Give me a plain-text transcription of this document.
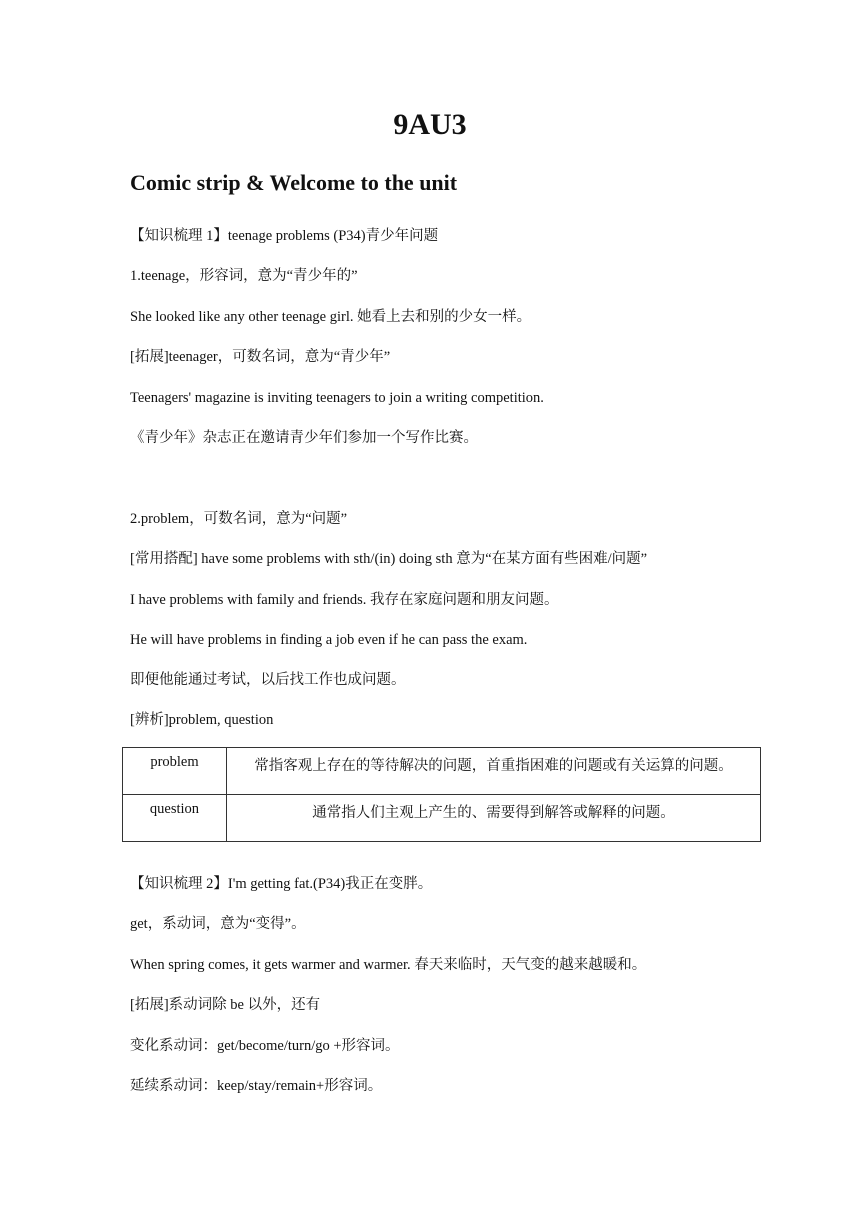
9AU3
Comic strip & Welcome to the unit

【知识梳理 1】teenage problems (P34)青少年问题

1.teenage，形容词，意为“青少年的”

She looked like any other teenage girl. 她看上去和别的少女一样。

[拓展]teenager，可数名词，意为“青少年”

Teenagers' magazine is inviting teenagers to join a writing competition.

《青少年》杂志正在邀请青少年们参加一个写作比赛。

2.problem，可数名词，意为“问题”

[常用搭配] have some problems with sth/(in) doing sth 意为“在某方面有些困难/问题”

I have problems with family and friends. 我存在家庭问题和朋友问题。

He will have problems in finding a job even if he can pass the exam.

即便他能通过考试，以后找工作也成问题。

[辨析]problem, question

problem	常指客观上存在的等待解决的问题，首重指困难的问题或有关运算的问题。
question	通常指人们主观上产生的、需要得到解答或解释的问题。

【知识梳理 2】I'm getting fat.(P34)我正在变胖。

get，系动词，意为“变得”。

When spring comes, it gets warmer and warmer. 春天来临时，天气变的越来越暖和。

[拓展]系动词除 be 以外，还有

变化系动词：get/become/turn/go +形容词。

延续系动词：keep/stay/remain+形容词。
